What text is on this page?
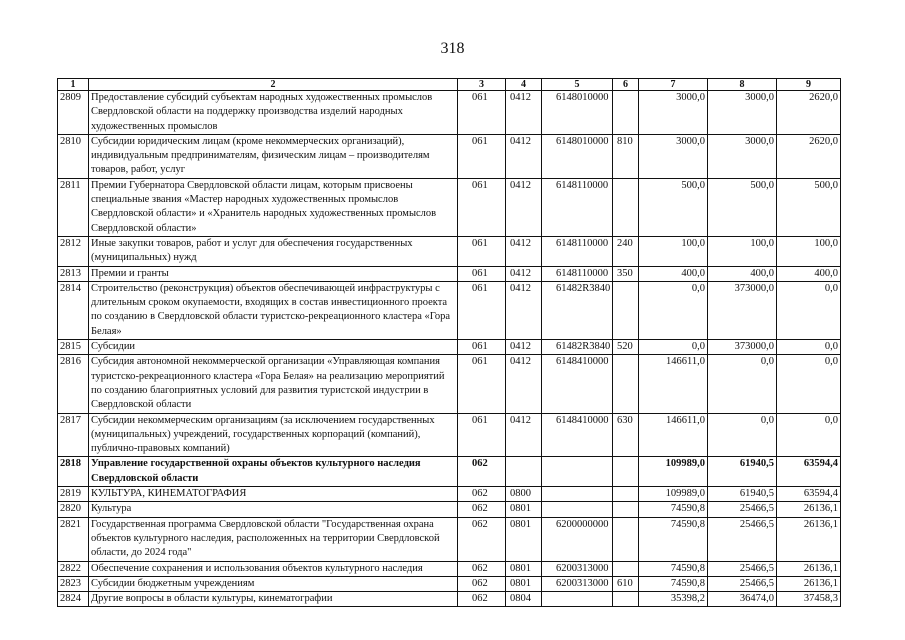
318
1	2	3	4	5	6	7	8	9
2809	Предоставление субсидий субъектам народных художественных промыслов Свердловской области на поддержку производства изделий народных художественных промыслов	061	0412	6148010000		3000,0	3000,0	2620,0
2810	Субсидии юридическим лицам (кроме некоммерческих организаций), индивидуальным предпринимателям, физическим лицам – производителям товаров, работ, услуг	061	0412	6148010000	810	3000,0	3000,0	2620,0
2811	Премии Губернатора Свердловской области лицам, которым присвоены специальные звания «Мастер народных художественных промыслов Свердловской области» и «Хранитель народных художественных промыслов Свердловской области»	061	0412	6148110000		500,0	500,0	500,0
2812	Иные закупки товаров, работ и услуг для обеспечения государственных (муниципальных) нужд	061	0412	6148110000	240	100,0	100,0	100,0
2813	Премии и гранты	061	0412	6148110000	350	400,0	400,0	400,0
2814	Строительство (реконструкция) объектов обеспечивающей инфраструктуры с длительным сроком окупаемости, входящих в состав инвестиционного проекта по созданию в Свердловской области туристско-рекреационного кластера «Гора Белая»	061	0412	61482R3840		0,0	373000,0	0,0
2815	Субсидии	061	0412	61482R3840	520	0,0	373000,0	0,0
2816	Субсидия автономной некоммерческой организации «Управляющая компания туристско-рекреационного кластера «Гора Белая» на реализацию мероприятий по созданию благоприятных условий для развития туристской индустрии в Свердловской области	061	0412	6148410000		146611,0	0,0	0,0
2817	Субсидии некоммерческим организациям (за исключением государственных (муниципальных) учреждений, государственных корпораций (компаний), публично-правовых компаний)	061	0412	6148410000	630	146611,0	0,0	0,0
2818	Управление государственной охраны объектов культурного наследия Свердловской области	062				109989,0	61940,5	63594,4
2819	КУЛЬТУРА, КИНЕМАТОГРАФИЯ	062	0800			109989,0	61940,5	63594,4
2820	Культура	062	0801			74590,8	25466,5	26136,1
2821	Государственная программа Свердловской области "Государственная охрана объектов культурного наследия, расположенных на территории Свердловской области, до 2024 года"	062	0801	6200000000		74590,8	25466,5	26136,1
2822	Обеспечение сохранения и использования объектов культурного наследия	062	0801	6200313000		74590,8	25466,5	26136,1
2823	Субсидии бюджетным учреждениям	062	0801	6200313000	610	74590,8	25466,5	26136,1
2824	Другие вопросы в области культуры, кинематографии	062	0804			35398,2	36474,0	37458,3
